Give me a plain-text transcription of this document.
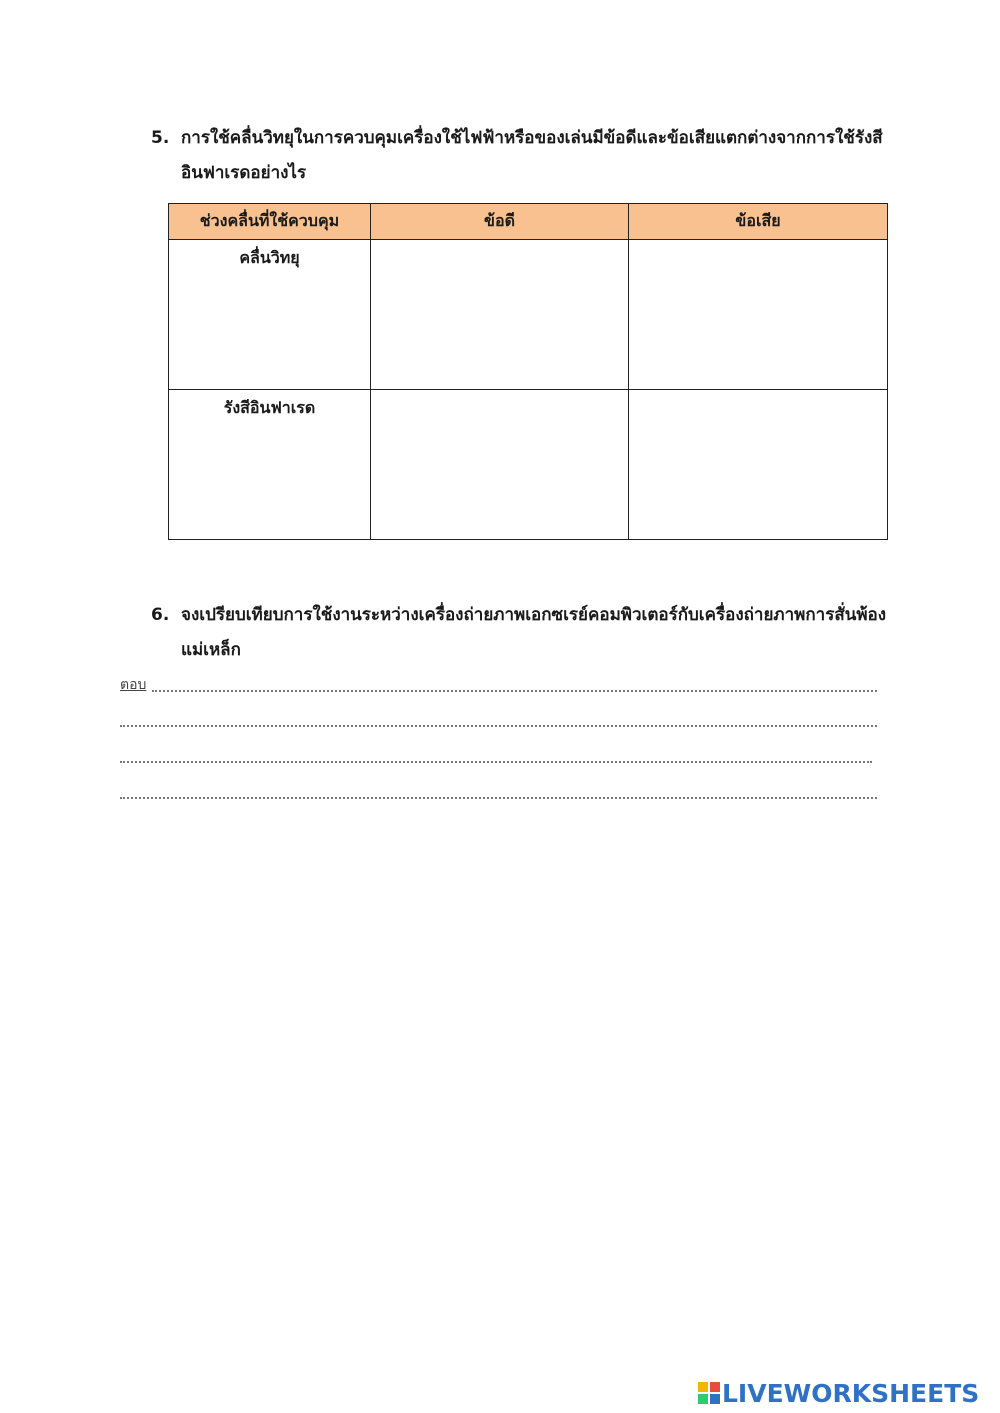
5. การใช้คลื่นวิทยุในการควบคุมเครื่องใช้ไฟฟ้าหรือของเล่นมีข้อดีและข้อเสียแตกต่างจากการใช้รังสีอินฟาเรดอย่างไร
ช่วงคลื่นที่ใช้ควบคุม	ข้อดี	ข้อเสีย
คลื่นวิทยุ		
รังสีอินฟาเรด		
6. จงเปรียบเทียบการใช้งานระหว่างเครื่องถ่ายภาพเอกซเรย์คอมพิวเตอร์กับเครื่องถ่ายภาพการสั่นพ้องแม่เหล็ก
ตอบ
LIVEWORKSHEETS
